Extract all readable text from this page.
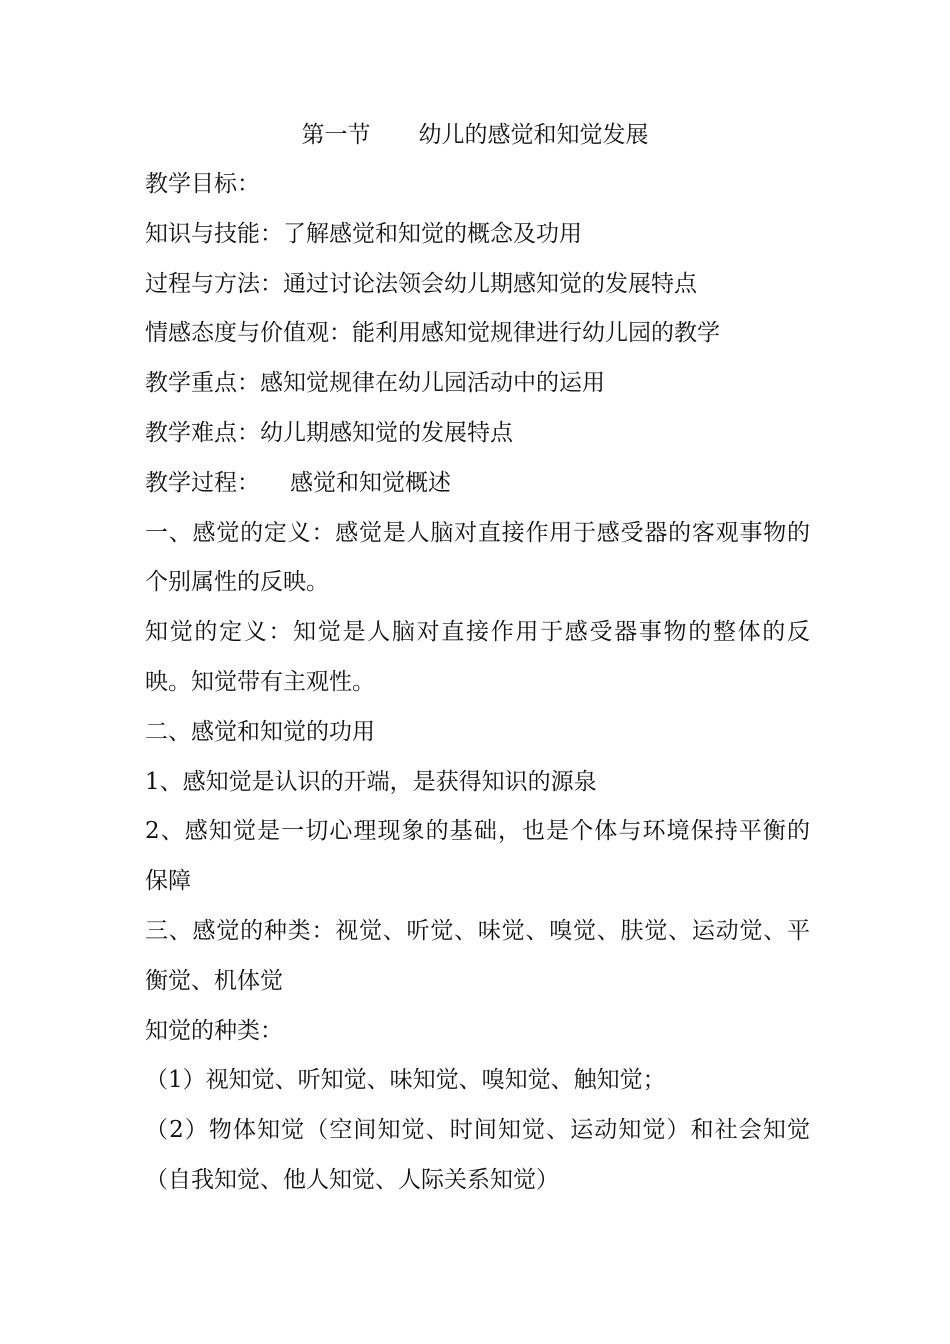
第一节 幼儿的感觉和知觉发展
教学目标：
知识与技能：了解感觉和知觉的概念及功用
过程与方法：通过讨论法领会幼儿期感知觉的发展特点
情感态度与价值观：能利用感知觉规律进行幼儿园的教学
教学重点：感知觉规律在幼儿园活动中的运用
教学难点：幼儿期感知觉的发展特点
教学过程： 感觉和知觉概述
一、感觉的定义：感觉是人脑对直接作用于感受器的客观事物的
个别属性的反映。
知觉的定义：知觉是人脑对直接作用于感受器事物的整体的反
映。知觉带有主观性。
二、感觉和知觉的功用
1、感知觉是认识的开端，是获得知识的源泉
2、感知觉是一切心理现象的基础，也是个体与环境保持平衡的
保障
三、感觉的种类：视觉、听觉、味觉、嗅觉、肤觉、运动觉、平
衡觉、机体觉
知觉的种类：
（1）视知觉、听知觉、味知觉、嗅知觉、触知觉；
（2）物体知觉（空间知觉、时间知觉、运动知觉）和社会知觉
（自我知觉、他人知觉、人际关系知觉）
